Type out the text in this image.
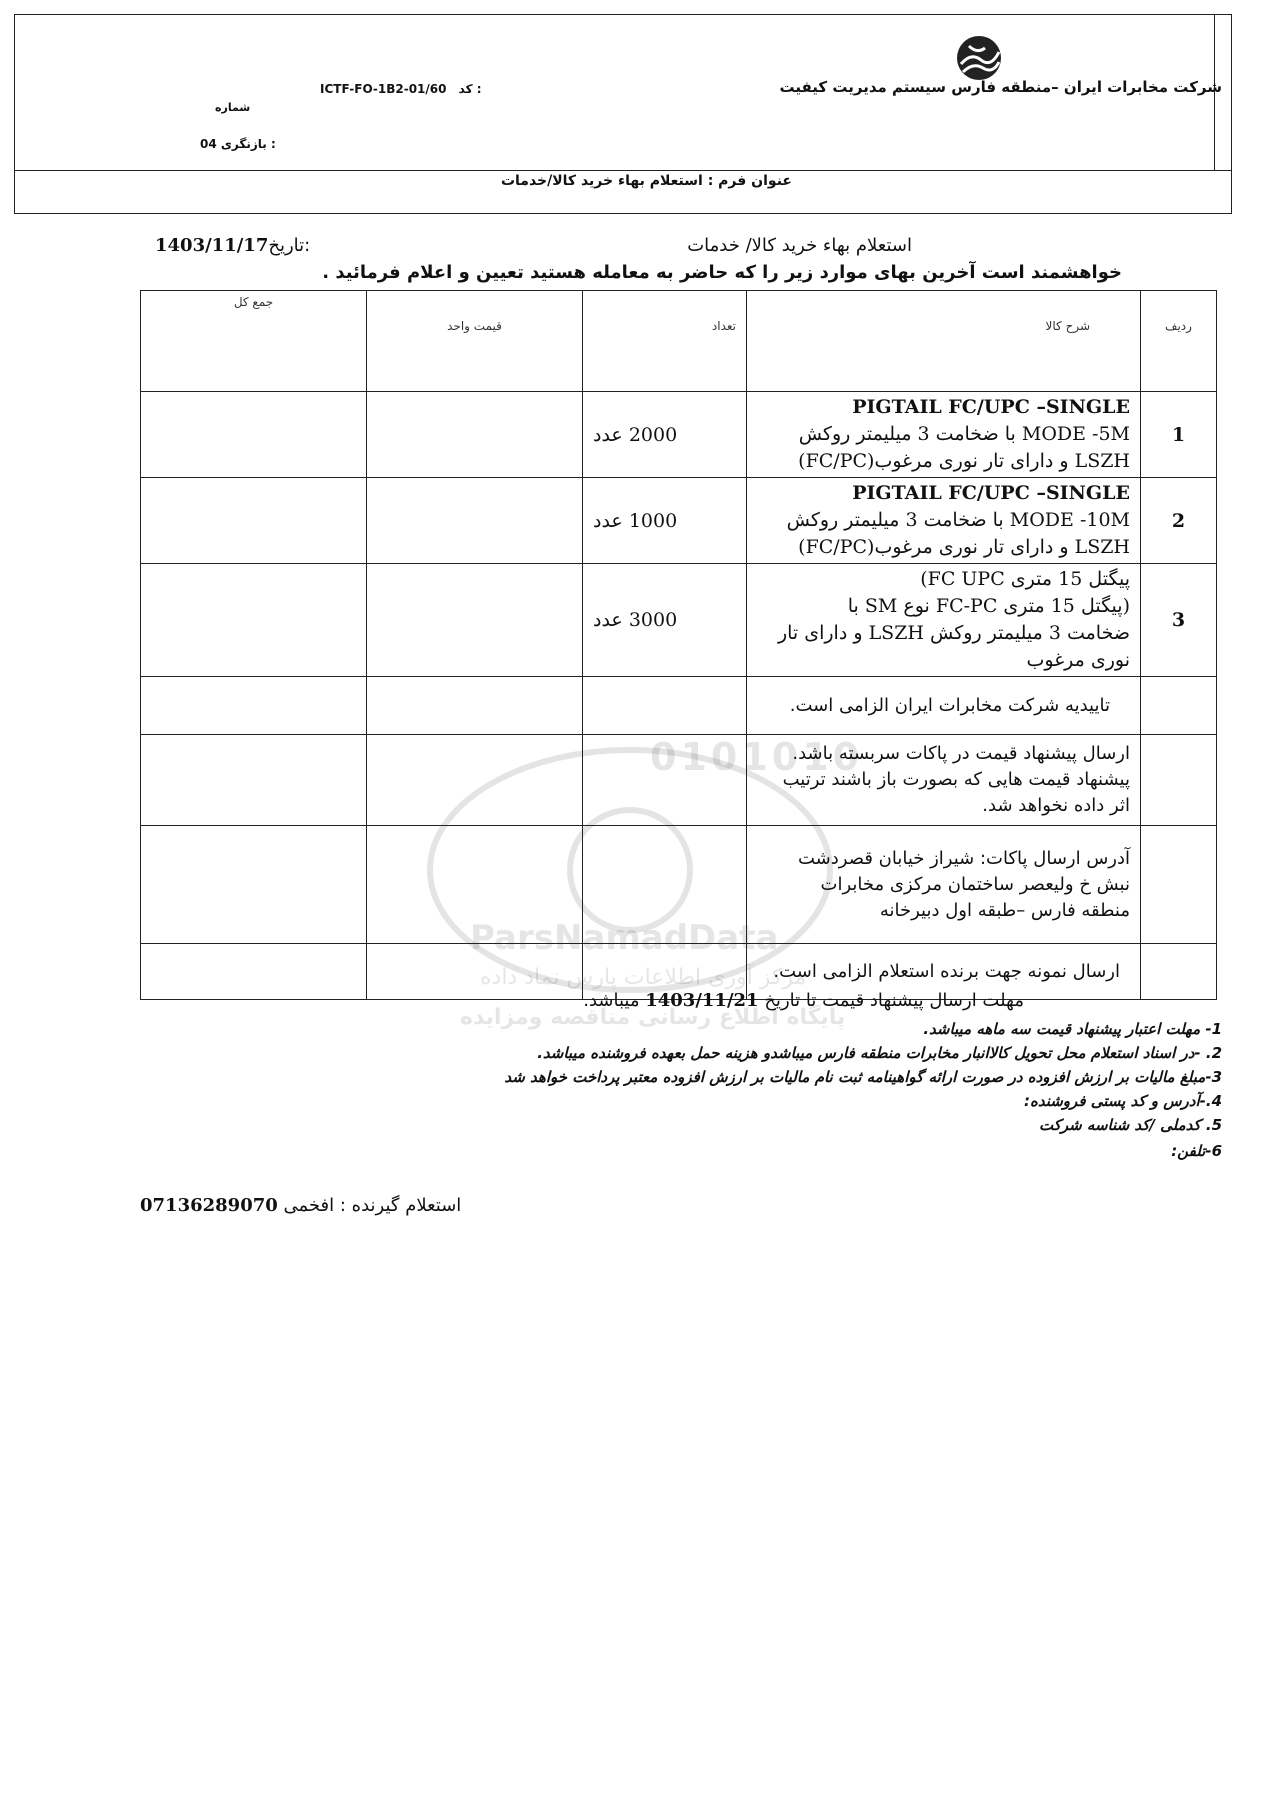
شرکت مخابرات ایران –منطقه فارس سیستم مدیریت کیفیت
ICTF-FO-1B2-01/60 کد :
شماره
04 بازنگری :
عنوان فرم : استعلام بهاء خرید کالا/خدمات
استعلام بهاء خرید کالا/ خدمات
1403/11/17تاریخ:
خواهشمند است آخرین بهای موارد زیر را که حاضر به معامله هستید تعیین و اعلام فرمائید .
0101010
ParsNamadData
مرکز آوری اطلاعات پارس نماد داده
پایگاه اطلاع رسانی مناقصه ومزایده
ردیف	شرح کالا	تعداد	قیمت واحد	جمع کل

1	PIGTAIL FC/UPC –SINGLE
MODE -5M با ضخامت 3 میلیمتر روکش
LSZH و دارای تار نوری مرغوب(FC/PC)	2000 عدد		
2	PIGTAIL FC/UPC –SINGLE
MODE -10M با ضخامت 3 میلیمتر روکش
LSZH و دارای تار نوری مرغوب(FC/PC)	1000 عدد		
3	پیگتل 15 متری FC UPC)
(پیگتل 15 متری FC-PC نوع SM با
ضخامت 3 میلیمتر روکش LSZH و دارای تار
نوری مرغوب	3000 عدد		
	تاییدیه شرکت مخابرات ایران الزامی است.			

	ارسال پیشنهاد قیمت در پاکات سربسته باشد.
پیشنهاد قیمت هایی که بصورت باز باشند ترتیب
اثر داده نخواهد شد.			

	آدرس ارسال پاکات: شیراز خیابان قصردشت
نبش خ ولیعصر ساختمان مرکزی مخابرات
منطقه فارس –طبقه اول دبیرخانه			

	ارسال نمونه جهت برنده استعلام الزامی است.			
مهلت ارسال پیشنهاد قیمت تا تاریخ 1403/11/21 میباشد.
1- مهلت اعتبار پیشنهاد قیمت سه ماهه میباشد.
2. -در اسناد استعلام محل تحویل کالاانبار مخابرات منطقه فارس میباشدو هزینه حمل بعهده فروشنده میباشد.
3-مبلغ مالیات بر ارزش افزوده در صورت ارائه گواهینامه ثبت نام مالیات بر ارزش افزوده معتبر پرداخت خواهد شد
4.-آدرس و کد پستی فروشنده:
5. کدملی /کد شناسه شرکت
6-تلفن:
07136289070 استعلام گیرنده : افخمی
